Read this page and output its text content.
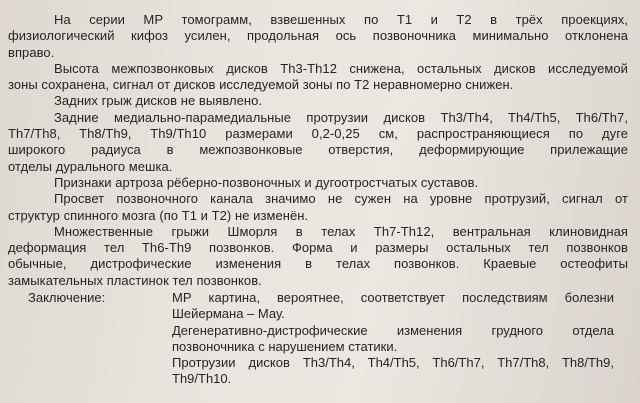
На серии МР томограмм, взвешенных по Т1 и Т2 в трёх проекциях,
физиологический кифоз усилен, продольная ось позвоночника минимально отклонена
вправо.
Высота межпозвонковых дисков Th3-Th12 снижена, остальных дисков исследуемой
зоны сохранена, сигнал от дисков исследуемой зоны по Т2 неравномерно снижен.
Задних грыж дисков не выявлено.
Задние медиально-парамедиальные протрузии дисков Th3/Th4, Th4/Th5, Th6/Th7,
Th7/Th8, Th8/Th9, Th9/Th10 размерами 0,2-0,25 см, распространяющиеся по дуге
широкого радиуса в межпозвонковые отверстия, деформирующие прилежащие
отделы дурального мешка.
Признаки артроза рёберно-позвоночных и дугоотростчатых суставов.
Просвет позвоночного канала значимо не сужен на уровне протрузий, сигнал от
структур спинного мозга (по Т1 и Т2) не изменён.
Множественные грыжи Шморля в телах Th7-Th12, вентральная клиновидная
деформация тел Th6-Th9 позвонков. Форма и размеры остальных тел позвонков
обычные, дистрофические изменения в телах позвонков. Краевые остеофиты
замыкательных пластинок тел позвонков.
Заключение:	МР картина, вероятнее, соответствует последствиям болезни
Шейермана – Мау.
Дегенеративно-дистрофические изменения грудного отдела
позвоночника с нарушением статики.
Протрузии дисков Th3/Th4, Th4/Th5, Th6/Th7, Th7/Th8, Th8/Th9,
Th9/Th10.
